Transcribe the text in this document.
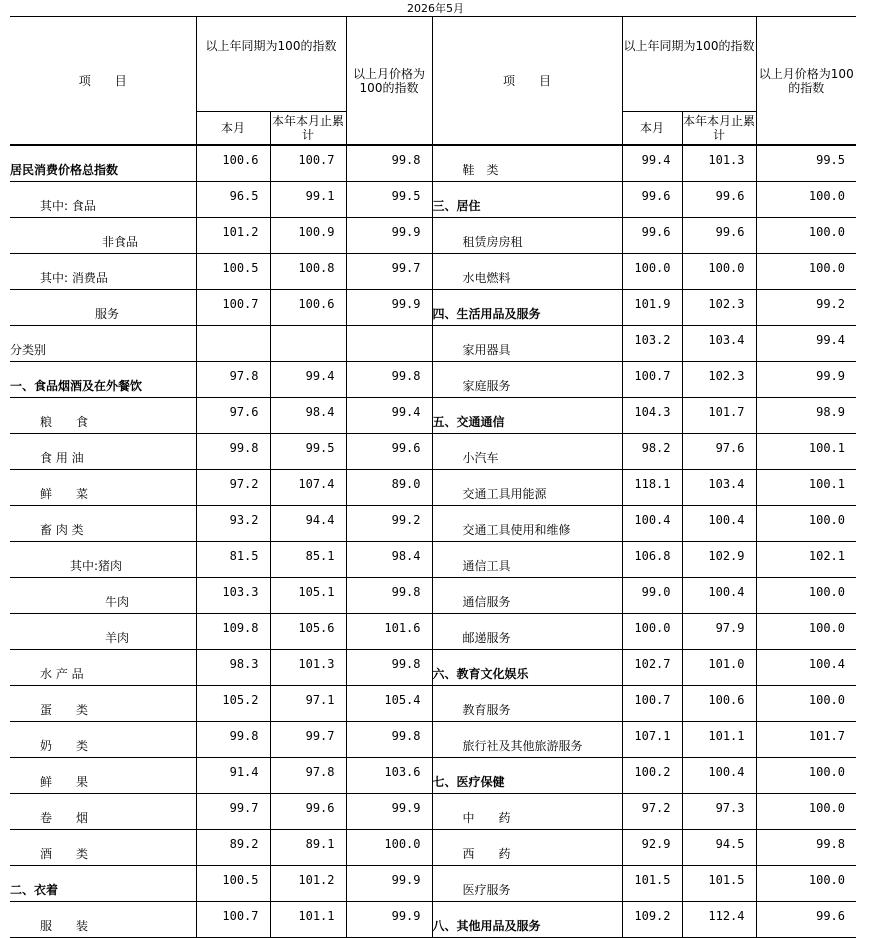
2026年5月
项　　目	以上年同期为100的指数		以上月价格为100的指数	项　　目	以上年同期为100的指数		以上月价格为100的指数
	本月	本年本月止累计			本月	本年本月止累计	
居民消费价格总指数	100.6	100.7	99.8	鞋　类	99.4	101.3	99.5
其中: 食品	96.5	99.1	99.5	三、居住	99.6	99.6	100.0
非食品	101.2	100.9	99.9	租赁房房租	99.6	99.6	100.0
其中: 消费品	100.5	100.8	99.7	水电燃料	100.0	100.0	100.0
服务	100.7	100.6	99.9	四、生活用品及服务	101.9	102.3	99.2
分类别				家用器具	103.2	103.4	99.4
一、食品烟酒及在外餐饮	97.8	99.4	99.8	家庭服务	100.7	102.3	99.9
粮　　食	97.6	98.4	99.4	五、交通通信	104.3	101.7	98.9
食 用 油	99.8	99.5	99.6	小汽车	98.2	97.6	100.1
鲜　　菜	97.2	107.4	89.0	交通工具用能源	118.1	103.4	100.1
畜 肉 类	93.2	94.4	99.2	交通工具使用和维修	100.4	100.4	100.0
其中:猪肉	81.5	85.1	98.4	通信工具	106.8	102.9	102.1
牛肉	103.3	105.1	99.8	通信服务	99.0	100.4	100.0
羊肉	109.8	105.6	101.6	邮递服务	100.0	97.9	100.0
水 产 品	98.3	101.3	99.8	六、教育文化娱乐	102.7	101.0	100.4
蛋　　类	105.2	97.1	105.4	教育服务	100.7	100.6	100.0
奶　　类	99.8	99.7	99.8	旅行社及其他旅游服务	107.1	101.1	101.7
鲜　　果	91.4	97.8	103.6	七、医疗保健	100.2	100.4	100.0
卷　　烟	99.7	99.6	99.9	中　　药	97.2	97.3	100.0
酒　　类	89.2	89.1	100.0	西　　药	92.9	94.5	99.8
二、衣着	100.5	101.2	99.9	医疗服务	101.5	101.5	100.0
服　　装	100.7	101.1	99.9	八、其他用品及服务	109.2	112.4	99.6
